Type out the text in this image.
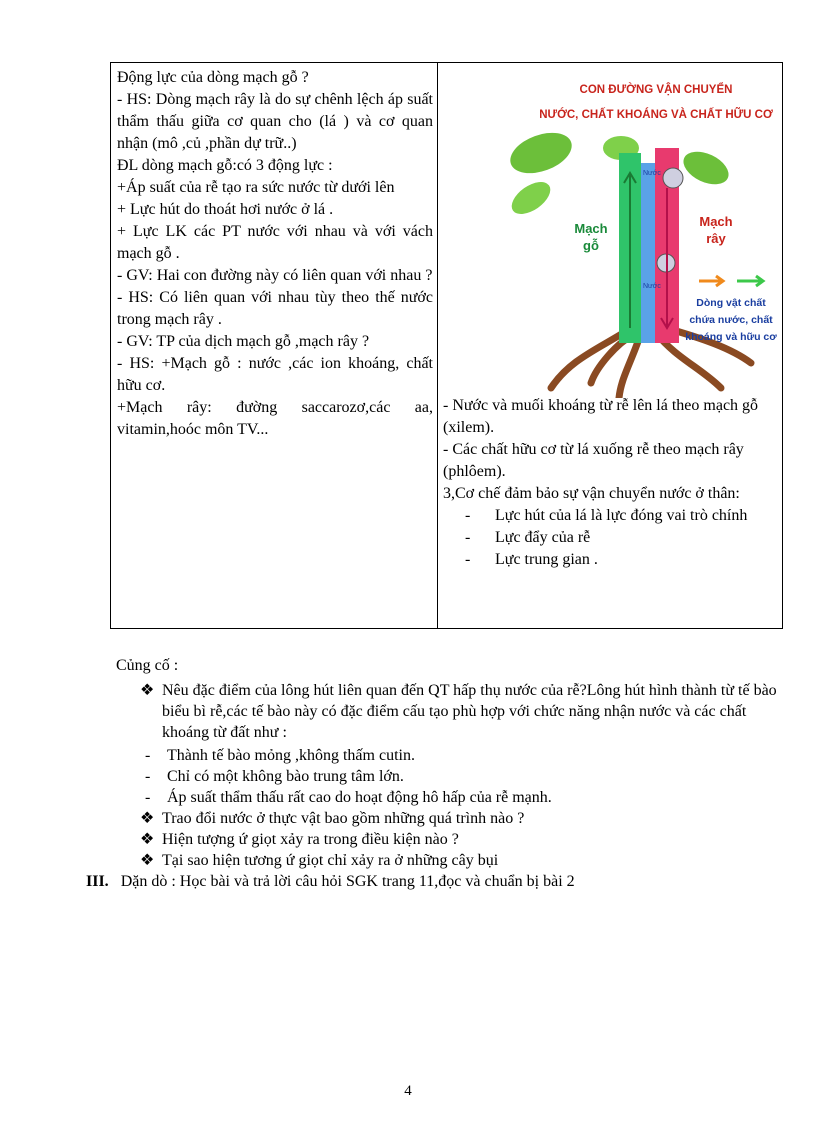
Động lực của dòng mạch gỗ ?

- HS: Dòng mạch rây là do sự chênh lệch áp suất thẩm thấu giữa cơ quan cho (lá ) và cơ quan nhận (mô ,củ ,phần dự trữ..)

ĐL dòng mạch gỗ:có 3 động lực :

+Áp suất của rễ tạo ra sức nước từ dưới lên

+ Lực hút do thoát hơi nước ở lá .

+ Lực LK các PT nước với nhau và với vách mạch gỗ .

- GV: Hai con đường này có liên quan với nhau ?

- HS: Có liên quan với nhau tùy theo thế nước trong mạch rây .

- GV: TP của dịch mạch gỗ ,mạch rây ?

- HS: +Mạch gỗ : nước ,các ion khoáng, chất hữu cơ.

+Mạch rây: đường saccarozơ,các aa, vitamin,hoóc môn TV...

CON ĐƯỜNG VẬN CHUYỂN
NƯỚC, CHẤT KHOÁNG VÀ CHẤT HỮU CƠ
Nước
Nước
Mạch
gỗ
Mạch
rây
Dòng vật chất
chứa nước, chất
khoáng và hữu cơ

- Nước và muối khoáng từ rễ lên lá theo mạch gỗ (xilem).

- Các chất hữu cơ từ lá xuống rễ theo mạch rây (phlôem).

3,Cơ chế đảm bảo sự vận chuyển nước ở thân:

- Lực hút của lá là lực đóng vai trò chính
- Lực đẩy của rễ
- Lực trung gian .
Củng cố :
❖ Nêu đặc điểm của lông hút liên quan đến QT hấp thụ nước của rễ?Lông hút hình thành từ tế bào biểu bì rễ,các tế bào này có đặc điểm cấu tạo phù hợp với chức năng nhận nước và các chất khoáng từ đất như :
- Thành tế bào mỏng ,không thấm cutin.
- Chỉ có một không bào trung tâm lớn.
- Áp suất thẩm thấu rất cao do hoạt động hô hấp của rễ mạnh.
❖ Trao đổi nước ở thực vật bao gồm những quá trình nào ?
❖ Hiện tượng ứ giọt xảy ra trong điều kiện nào ?
❖ Tại sao hiện tương ứ giọt chỉ xảy ra ở những cây bụi
III. Dặn dò : Học bài và trả lời câu hỏi SGK trang 11,đọc và chuẩn bị bài 2
4
